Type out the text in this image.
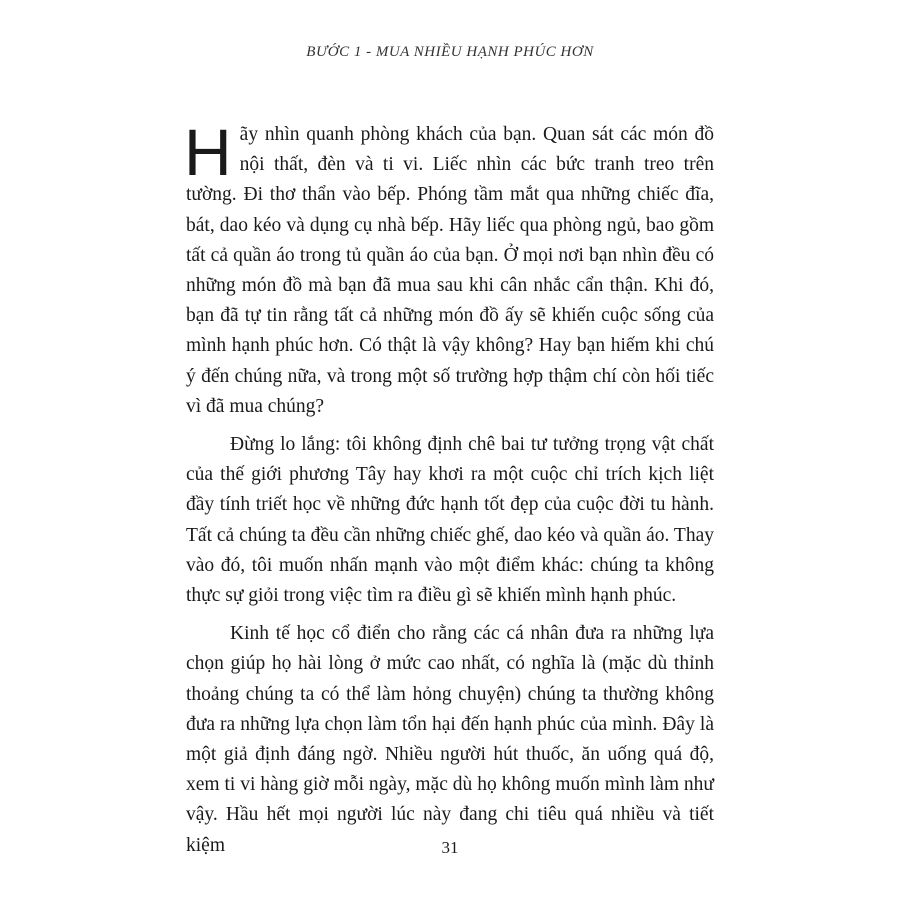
BƯỚC 1 - MUA NHIỀU HẠNH PHÚC HƠN

H ãy nhìn quanh phòng khách của bạn. Quan sát các món đồ nội thất, đèn và ti vi. Liếc nhìn các bức tranh treo trên tường. Đi thơ thẩn vào bếp. Phóng tầm mắt qua những chiếc đĩa, bát, dao kéo và dụng cụ nhà bếp. Hãy liếc qua phòng ngủ, bao gồm tất cả quần áo trong tủ quần áo của bạn. Ở mọi nơi bạn nhìn đều có những món đồ mà bạn đã mua sau khi cân nhắc cẩn thận. Khi đó, bạn đã tự tin rằng tất cả những món đồ ấy sẽ khiến cuộc sống của mình hạnh phúc hơn. Có thật là vậy không? Hay bạn hiếm khi chú ý đến chúng nữa, và trong một số trường hợp thậm chí còn hối tiếc vì đã mua chúng?

Đừng lo lắng: tôi không định chê bai tư tưởng trọng vật chất của thế giới phương Tây hay khơi ra một cuộc chỉ trích kịch liệt đầy tính triết học về những đức hạnh tốt đẹp của cuộc đời tu hành. Tất cả chúng ta đều cần những chiếc ghế, dao kéo và quần áo. Thay vào đó, tôi muốn nhấn mạnh vào một điểm khác: chúng ta không thực sự giỏi trong việc tìm ra điều gì sẽ khiến mình hạnh phúc.

Kinh tế học cổ điển cho rằng các cá nhân đưa ra những lựa chọn giúp họ hài lòng ở mức cao nhất, có nghĩa là (mặc dù thỉnh thoảng chúng ta có thể làm hỏng chuyện) chúng ta thường không đưa ra những lựa chọn làm tổn hại đến hạnh phúc của mình. Đây là một giả định đáng ngờ. Nhiều người hút thuốc, ăn uống quá độ, xem ti vi hàng giờ mỗi ngày, mặc dù họ không muốn mình làm như vậy. Hầu hết mọi người lúc này đang chi tiêu quá nhiều và tiết kiệm	31
